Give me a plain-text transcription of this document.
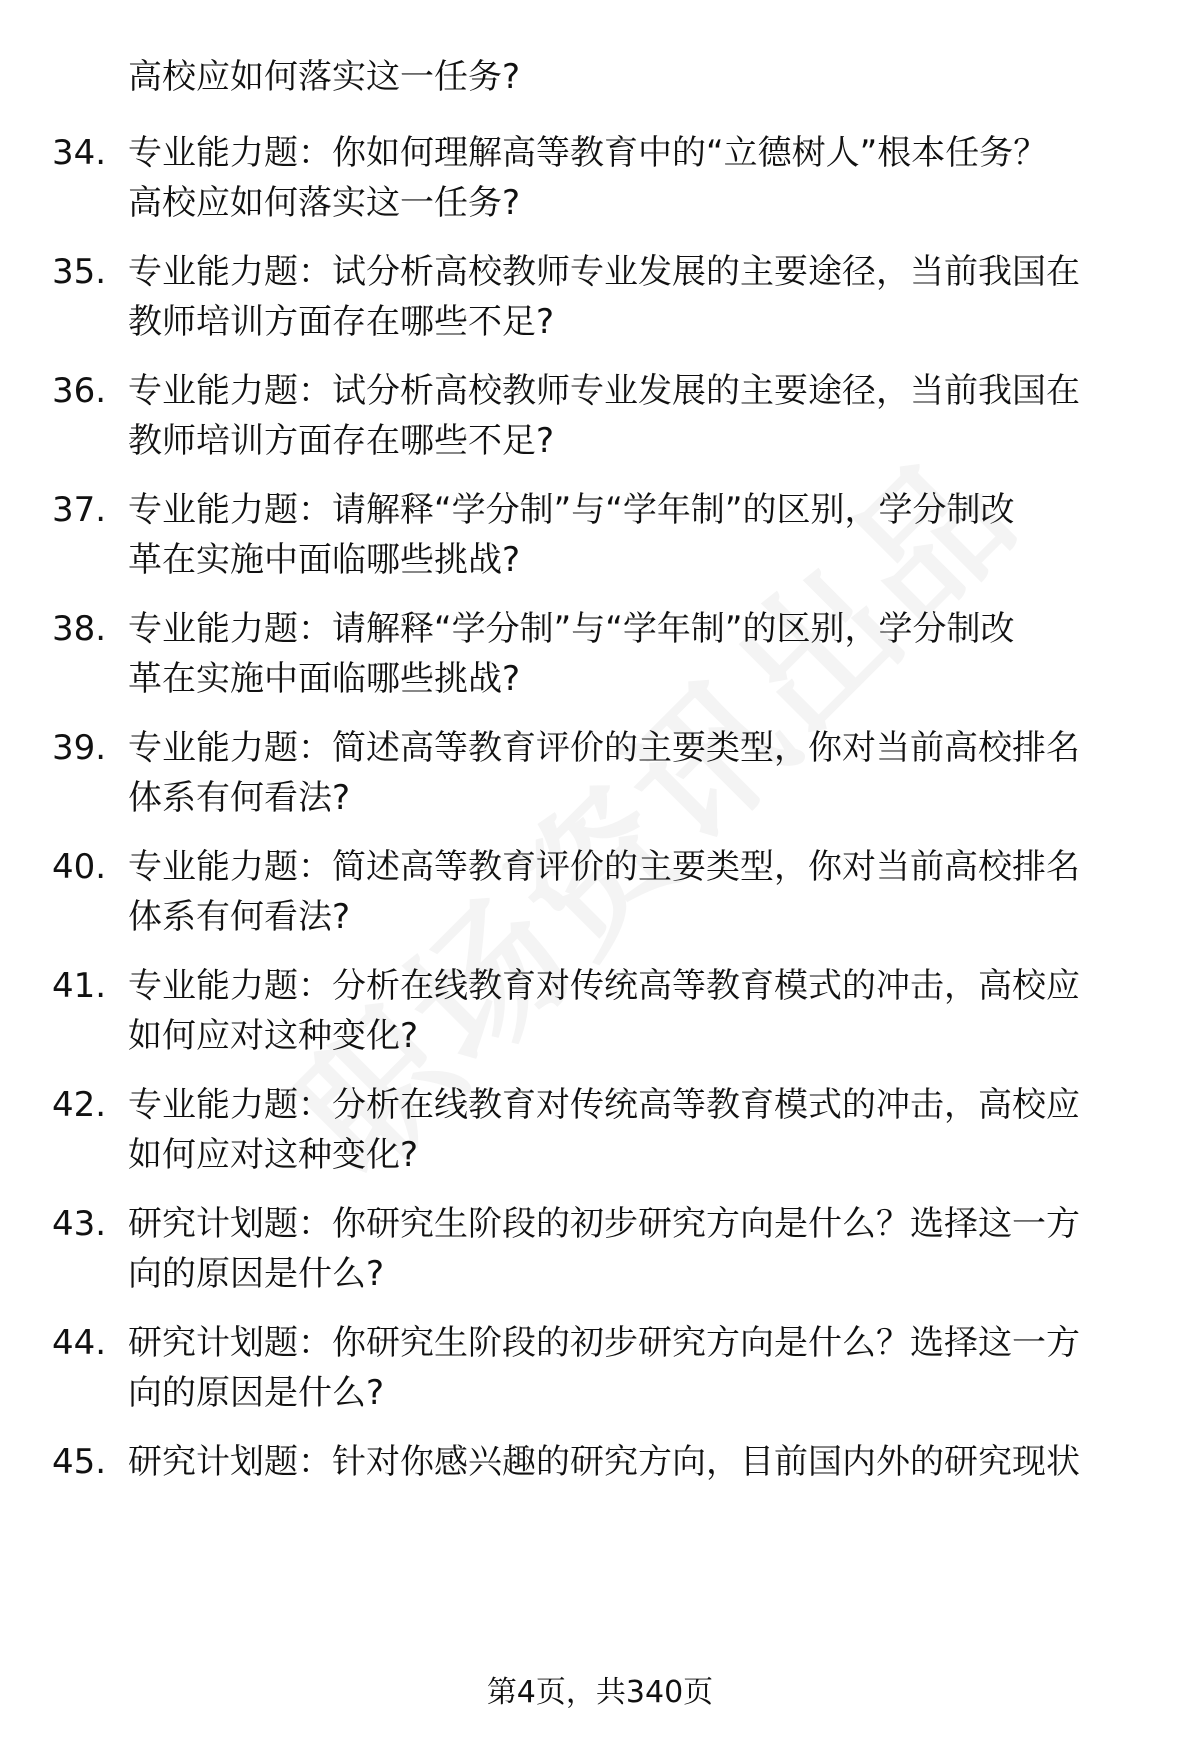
高校应如何落实这一任务?
34. 专业能力题：你如何理解高等教育中的“立德树人”根本任务？
高校应如何落实这一任务?
35. 专业能力题：试分析高校教师专业发展的主要途径，当前我国在
教师培训方面存在哪些不足?
36. 专业能力题：试分析高校教师专业发展的主要途径，当前我国在
教师培训方面存在哪些不足?
37. 专业能力题：请解释“学分制”与“学年制”的区别，学分制改
革在实施中面临哪些挑战?
38. 专业能力题：请解释“学分制”与“学年制”的区别，学分制改
革在实施中面临哪些挑战?
39. 专业能力题：简述高等教育评价的主要类型，你对当前高校排名
体系有何看法?
40. 专业能力题：简述高等教育评价的主要类型，你对当前高校排名
体系有何看法?
41. 专业能力题：分析在线教育对传统高等教育模式的冲击，高校应
如何应对这种变化?
42. 专业能力题：分析在线教育对传统高等教育模式的冲击，高校应
如何应对这种变化?
43. 研究计划题：你研究生阶段的初步研究方向是什么？选择这一方
向的原因是什么?
44. 研究计划题：你研究生阶段的初步研究方向是什么？选择这一方
向的原因是什么?
45. 研究计划题：针对你感兴趣的研究方向，目前国内外的研究现状
第4页，共340页
